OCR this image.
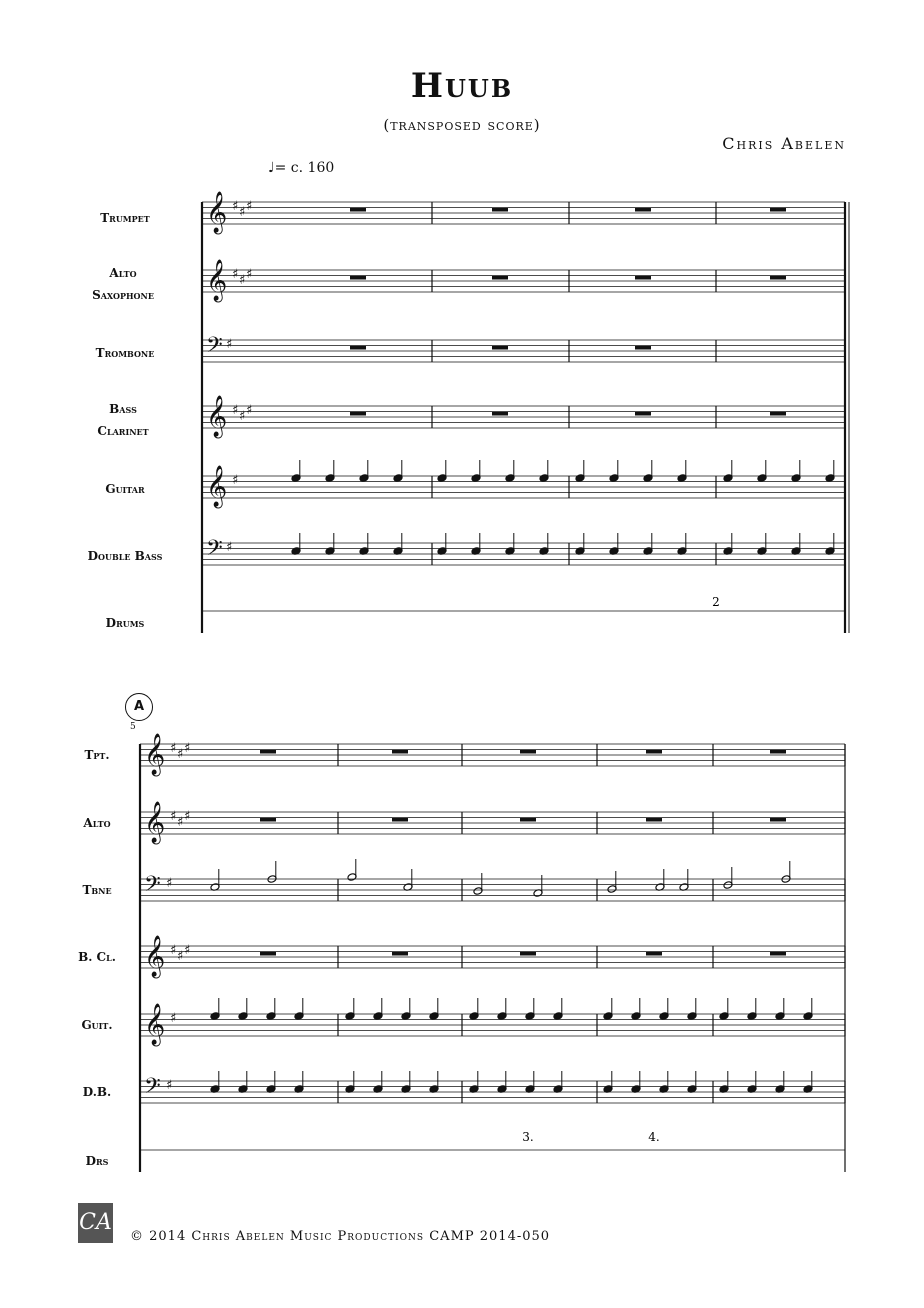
Huub
(transposed score)
Chris Abelen
♩= c. 160
Trumpet
Alto Saxophone
Trombone
Bass Clarinet
Guitar
Double Bass
Drums
A
5
Tpt.
Alto
Tbne
B. Cl.
Guit.
D.B.
Drs
𝄞 ♯ ♯ ♯
𝄞 ♯ ♯ ♯
𝄢 ♯
𝄞 ♯ ♯ ♯
𝄞 ♯
𝄢 ♯
𝄞 ♯ ♯ ♯
𝄞 ♯ ♯ ♯
𝄢 ♯
𝄞 ♯ ♯ ♯
𝄞 ♯
𝄢 ♯
2
3.	4.
CA
© 2014 Chris Abelen Music Productions CAMP 2014-050
